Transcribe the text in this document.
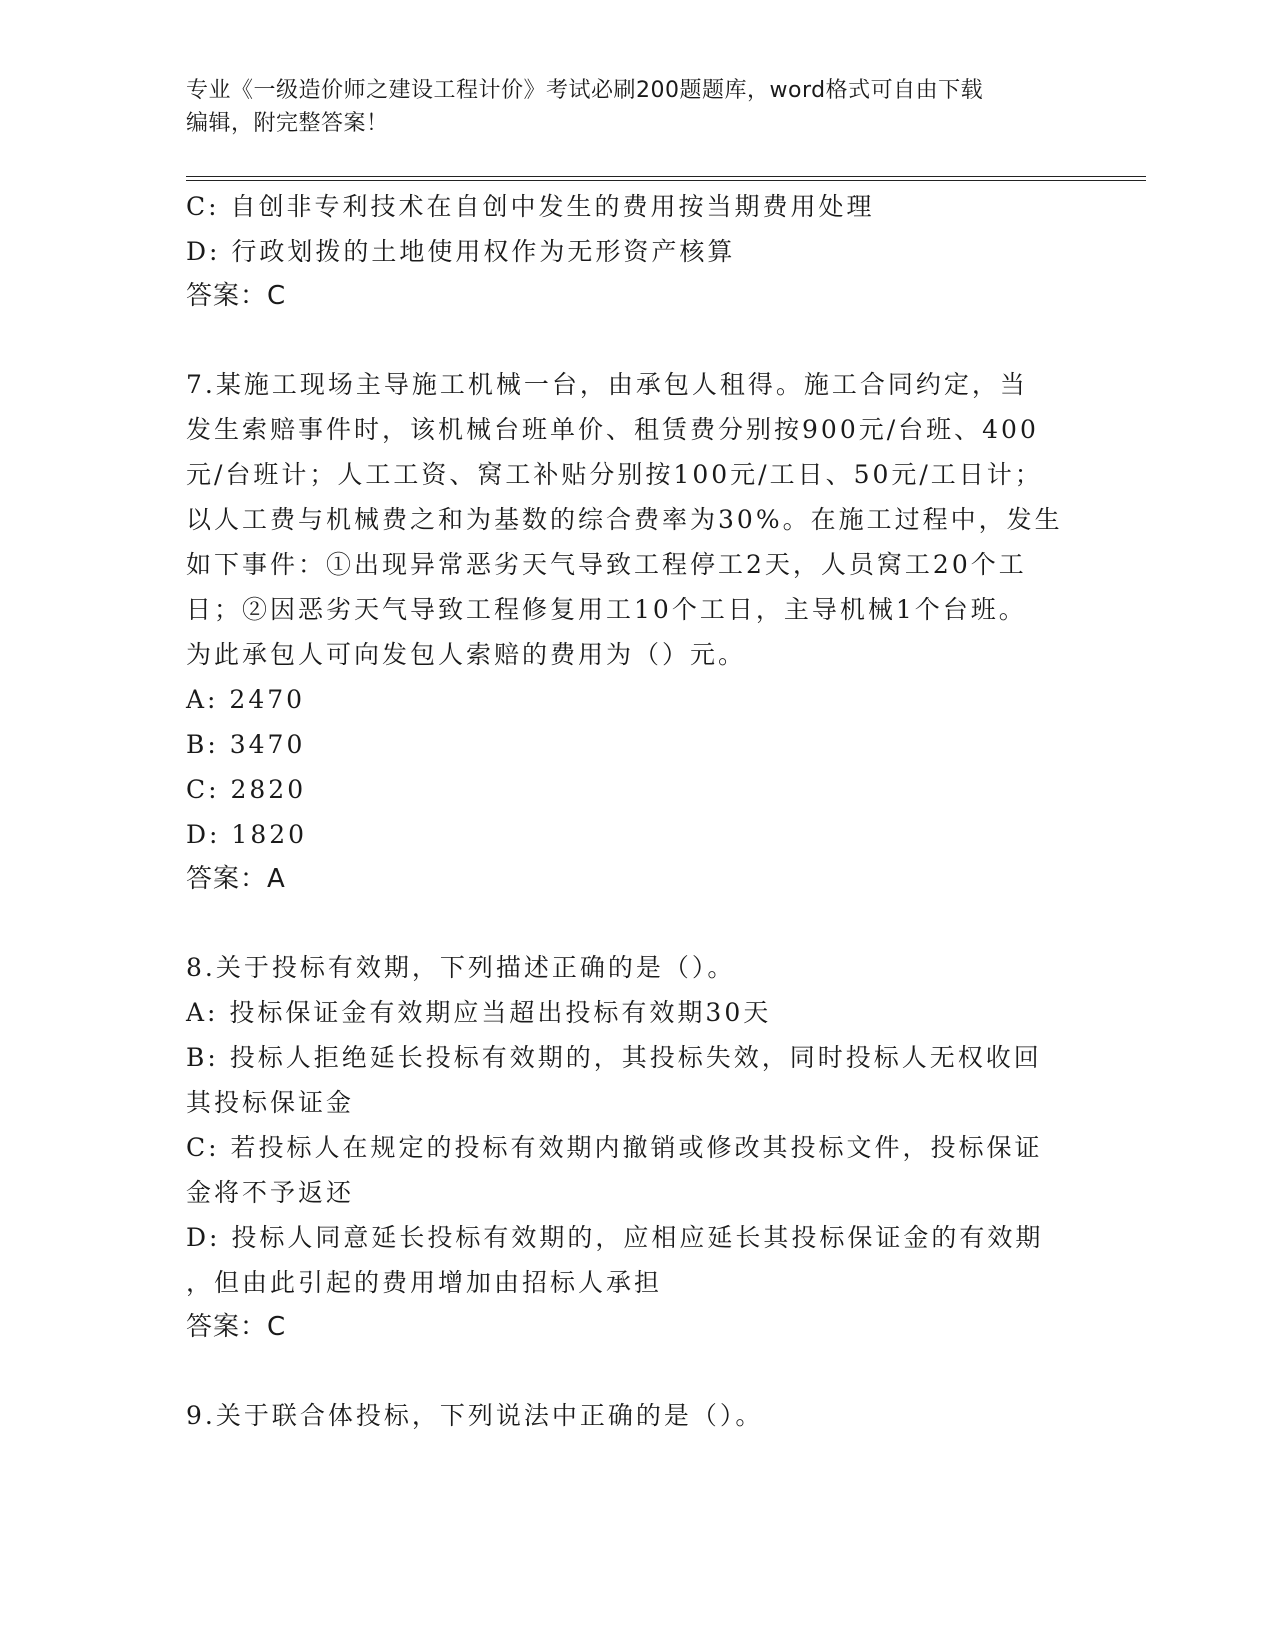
专业《一级造价师之建设工程计价》考试必刷200题题库，word格式可自由下载
编辑，附完整答案！
C: 自创非专利技术在自创中发生的费用按当期费用处理
D: 行政划拨的土地使用权作为无形资产核算
答案：C
7.某施工现场主导施工机械一台，由承包人租得。施工合同约定，当
发生索赔事件时，该机械台班单价、租赁费分别按900元/台班、400
元/台班计；人工工资、窝工补贴分别按100元/工日、50元/工日计；
以人工费与机械费之和为基数的综合费率为30%。在施工过程中，发生
如下事件：①出现异常恶劣天气导致工程停工2天，人员窝工20个工
日；②因恶劣天气导致工程修复用工10个工日，主导机械1个台班。
为此承包人可向发包人索赔的费用为（）元。
A: 2470
B: 3470
C: 2820
D: 1820
答案：A
8.关于投标有效期，下列描述正确的是（）。
A: 投标保证金有效期应当超出投标有效期30天
B: 投标人拒绝延长投标有效期的，其投标失效，同时投标人无权收回
其投标保证金
C: 若投标人在规定的投标有效期内撤销或修改其投标文件，投标保证
金将不予返还
D: 投标人同意延长投标有效期的，应相应延长其投标保证金的有效期
，但由此引起的费用增加由招标人承担
答案：C
9.关于联合体投标，下列说法中正确的是（）。
